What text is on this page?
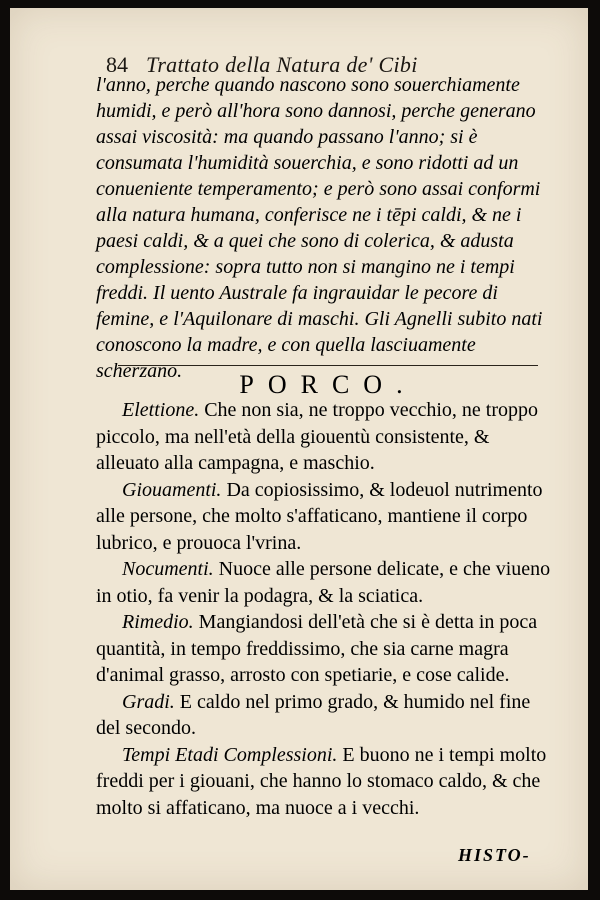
84 Trattato della Natura de' Cibi
l'anno, perche quando nascono sono souerchiamente humidi, e però all'hora sono dannosi, perche generano assai viscosità: ma quando passano l'anno; si è consumata l'humidità souerchia, e sono ridotti ad un conueniente temperamento; e però sono assai conformi alla natura humana, conferisce ne i tēpi caldi, & ne i paesi caldi, & a quei che sono di colerica, & adusta complessione: sopra tutto non si mangino ne i tempi freddi. Il uento Australe fa ingrauidar le pecore di femine, e l'Aquilonare di maschi. Gli Agnelli subito nati conoscono la madre, e con quella lasciuamente scherzano.	PORCO.

Elettione. Che non sia, ne troppo vecchio, ne troppo piccolo, ma nell'età della giouentù consistente, & alleuato alla campagna, e maschio.

Giouamenti. Da copiosissimo, & lodeuol nutrimento alle persone, che molto s'affaticano, mantiene il corpo lubrico, e prouoca l'vrina.

Nocumenti. Nuoce alle persone delicate, e che viueno in otio, fa venir la podagra, & la sciatica.

Rimedio. Mangiandosi dell'età che si è detta in poca quantità, in tempo freddissimo, che sia carne magra d'animal grasso, arrosto con spetiarie, e cose calide.

Gradi. E caldo nel primo grado, & humido nel fine del secondo.

Tempi Etadi Complessioni. E buono ne i tempi molto freddi per i giouani, che hanno lo stomaco caldo, & che molto si affaticano, ma nuoce a i vecchi.

HISTO-
